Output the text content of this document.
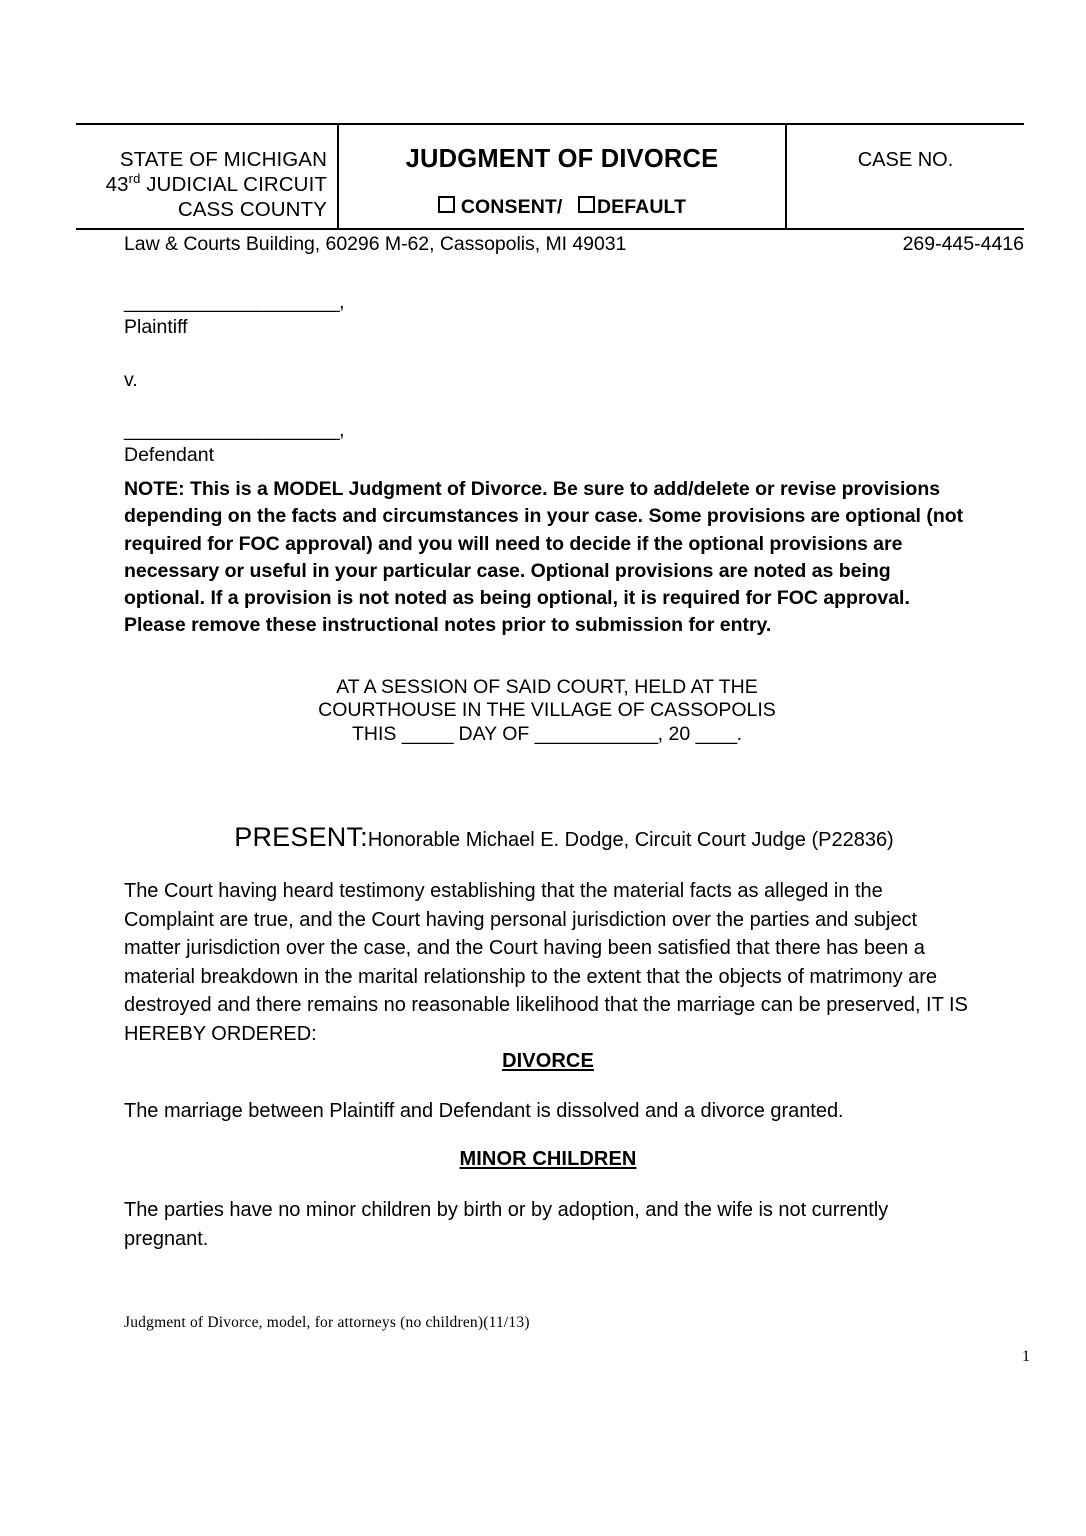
STATE OF MICHIGAN
43rd JUDICIAL CIRCUIT
CASS COUNTY
JUDGMENT OF DIVORCE
CONSENT/ DEFAULT
CASE NO.
Law & Courts Building, 60296 M-62, Cassopolis, MI 49031	269-445-4416
_____________________,
Plaintiff
v.
_____________________,
Defendant
NOTE: This is a MODEL Judgment of Divorce. Be sure to add/delete or revise provisions depending on the facts and circumstances in your case. Some provisions are optional (not required for FOC approval) and you will need to decide if the optional provisions are necessary or useful in your particular case. Optional provisions are noted as being optional. If a provision is not noted as being optional, it is required for FOC approval. Please remove these instructional notes prior to submission for entry.
AT A SESSION OF SAID COURT, HELD AT THE
COURTHOUSE IN THE VILLAGE OF CASSOPOLIS
THIS _____ DAY OF ____________, 20 ____.
PRESENT:Honorable Michael E. Dodge, Circuit Court Judge (P22836)
The Court having heard testimony establishing that the material facts as alleged in the Complaint are true, and the Court having personal jurisdiction over the parties and subject matter jurisdiction over the case, and the Court having been satisfied that there has been a material breakdown in the marital relationship to the extent that the objects of matrimony are destroyed and there remains no reasonable likelihood that the marriage can be preserved, IT IS HEREBY ORDERED:
DIVORCE
The marriage between Plaintiff and Defendant is dissolved and a divorce granted.
MINOR CHILDREN
The parties have no minor children by birth or by adoption, and the wife is not currently pregnant.
Judgment of Divorce, model, for attorneys (no children)(11/13)
1
